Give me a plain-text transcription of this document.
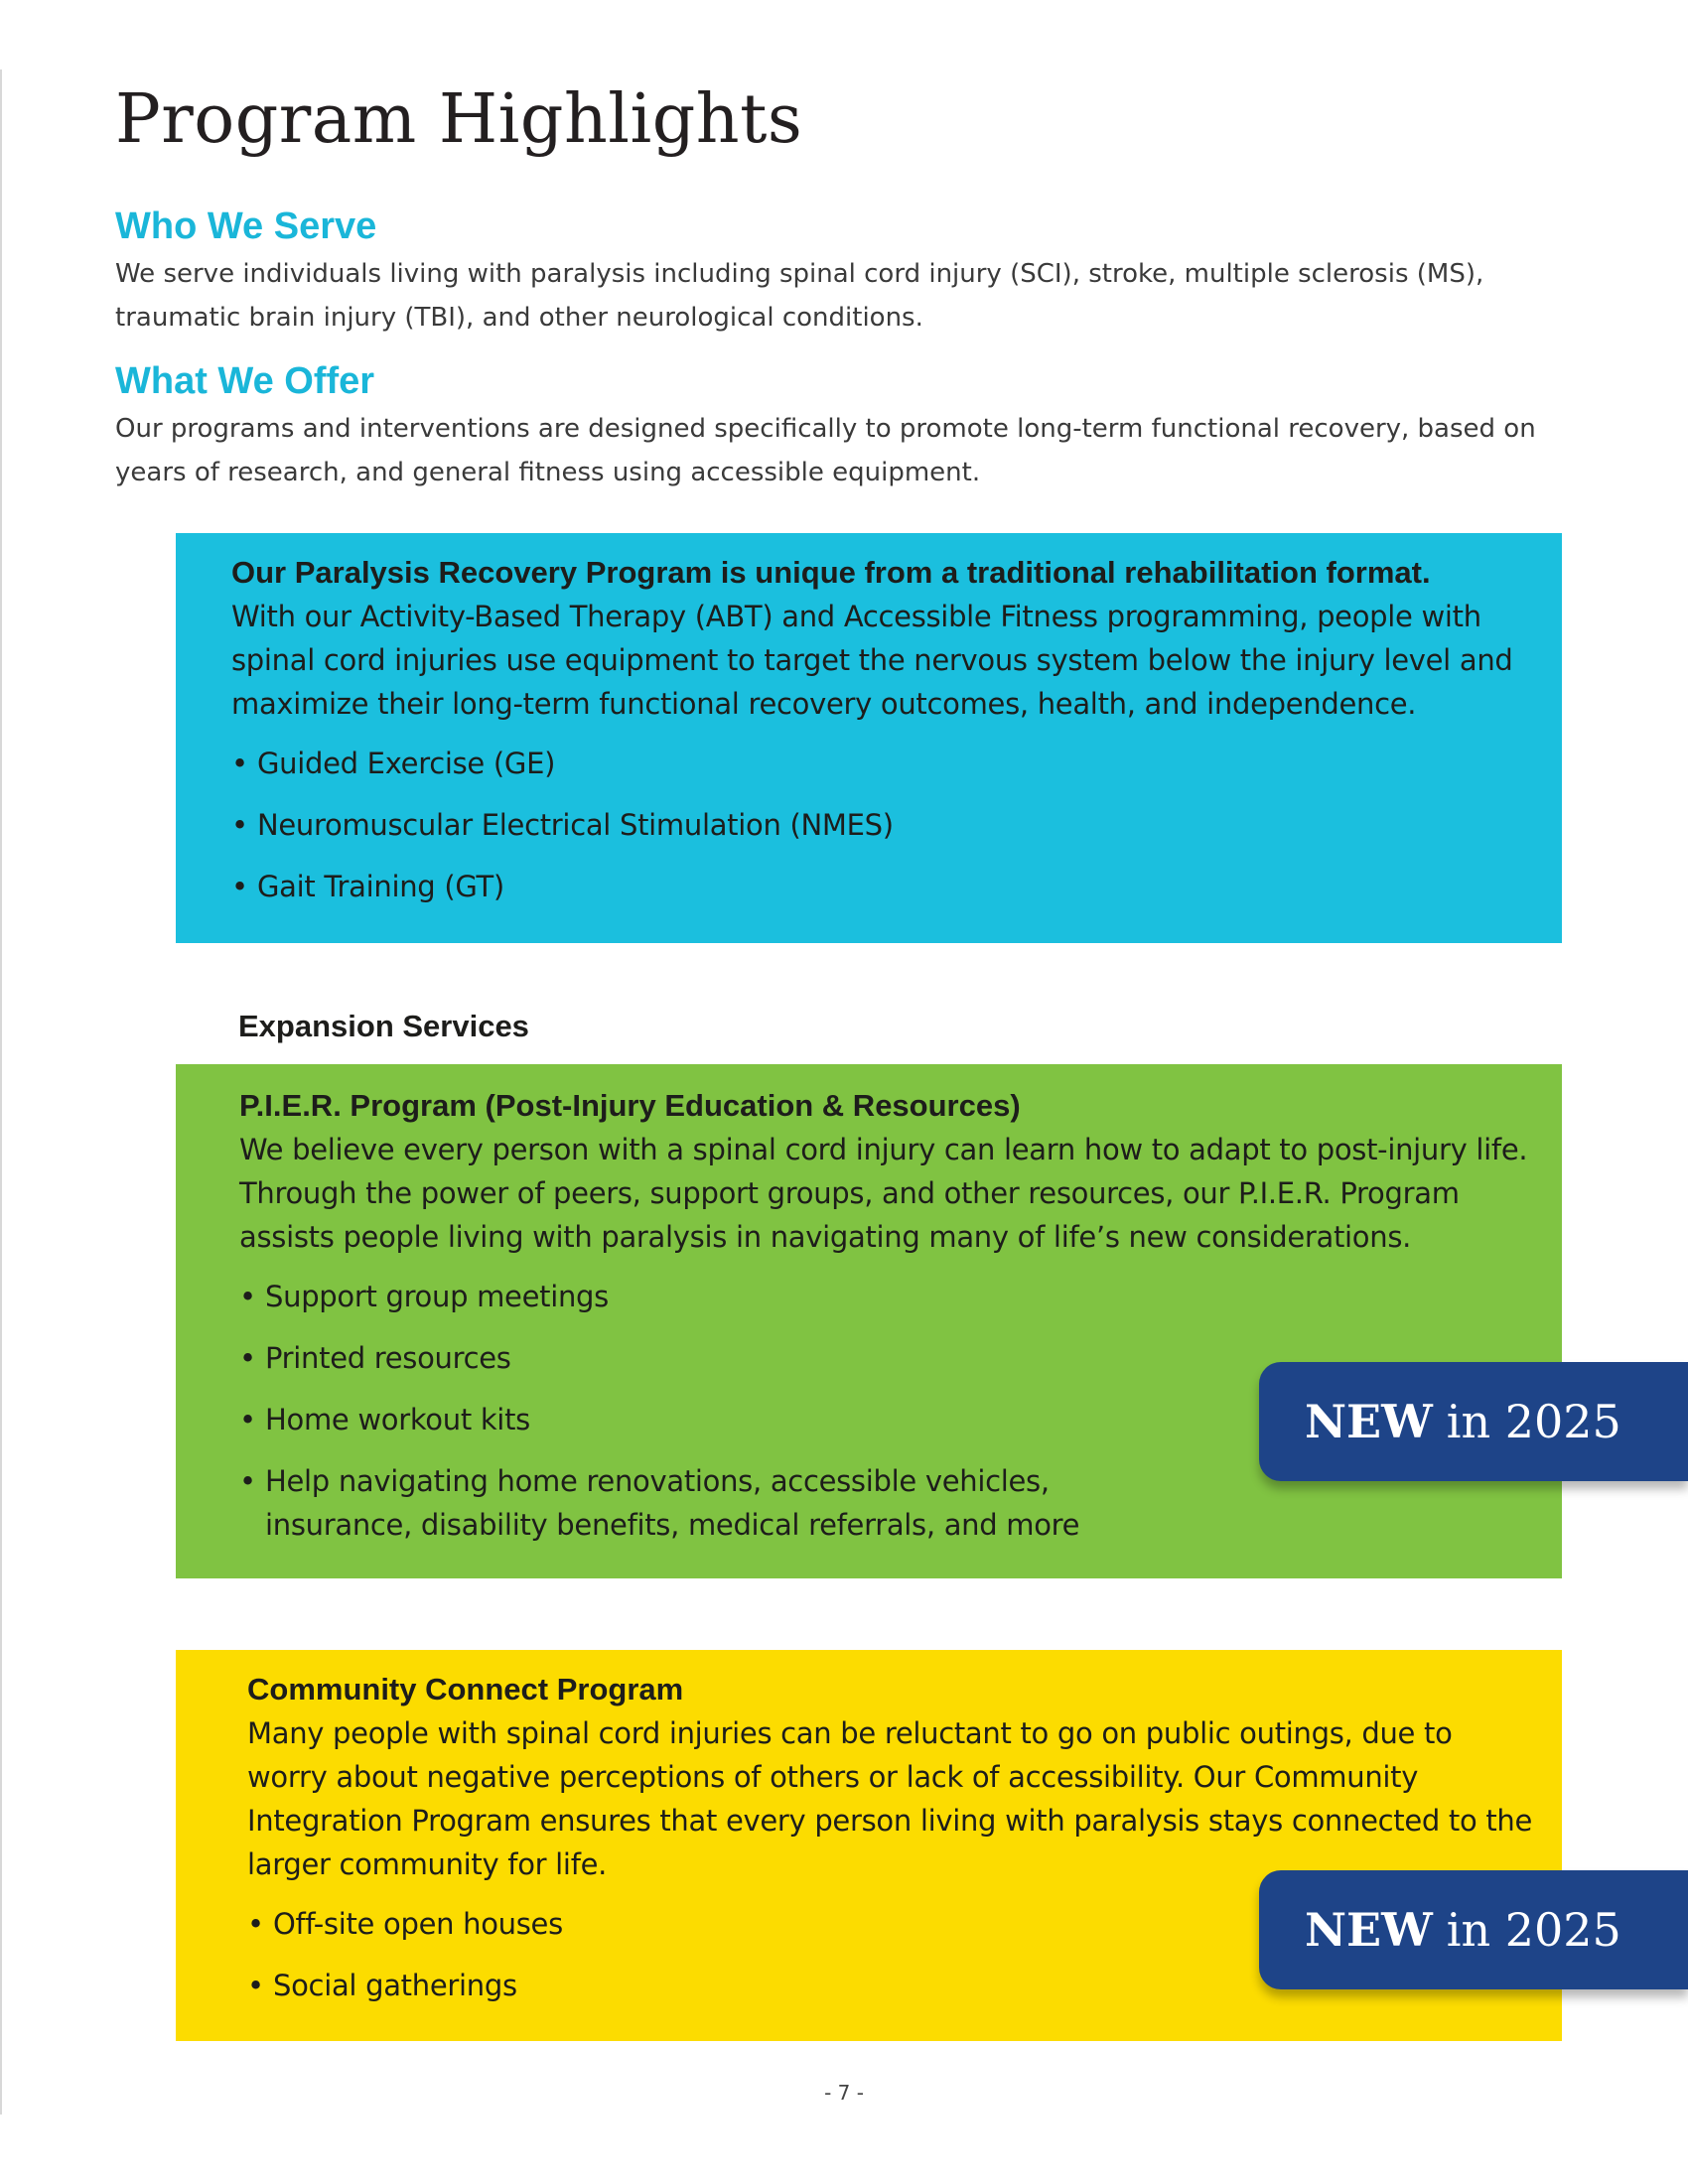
Program Highlights
Who We Serve

We serve individuals living with paralysis including spinal cord injury (SCI), stroke, multiple sclerosis (MS), traumatic brain injury (TBI), and other neurological conditions.

What We Offer

Our programs and interventions are designed specifically to promote long-term functional recovery, based on years of research, and general fitness using accessible equipment.

Our Paralysis Recovery Program is unique from a traditional rehabilitation format.

With our Activity-Based Therapy (ABT) and Accessible Fitness programming, people with spinal cord injuries use equipment to target the nervous system below the injury level and maximize their long-term functional recovery outcomes, health, and independence.

• Guided Exercise (GE)
• Neuromuscular Electrical Stimulation (NMES)
• Gait Training (GT)

Expansion Services

P.I.E.R. Program (Post-Injury Education & Resources)

We believe every person with a spinal cord injury can learn how to adapt to post-injury life. Through the power of peers, support groups, and other resources, our P.I.E.R. Program assists people living with paralysis in navigating many of life’s new considerations.

• Support group meetings
• Printed resources
• Home workout kits
• Help navigating home renovations, accessible vehicles, insurance, disability benefits, medical referrals, and more
NEW in 2025

Community Connect Program

Many people with spinal cord injuries can be reluctant to go on public outings, due to worry about negative perceptions of others or lack of accessibility. Our Community Integration Program ensures that every person living with paralysis stays connected to the larger community for life.

• Off-site open houses
• Social gatherings
NEW in 2025
- 7 -
